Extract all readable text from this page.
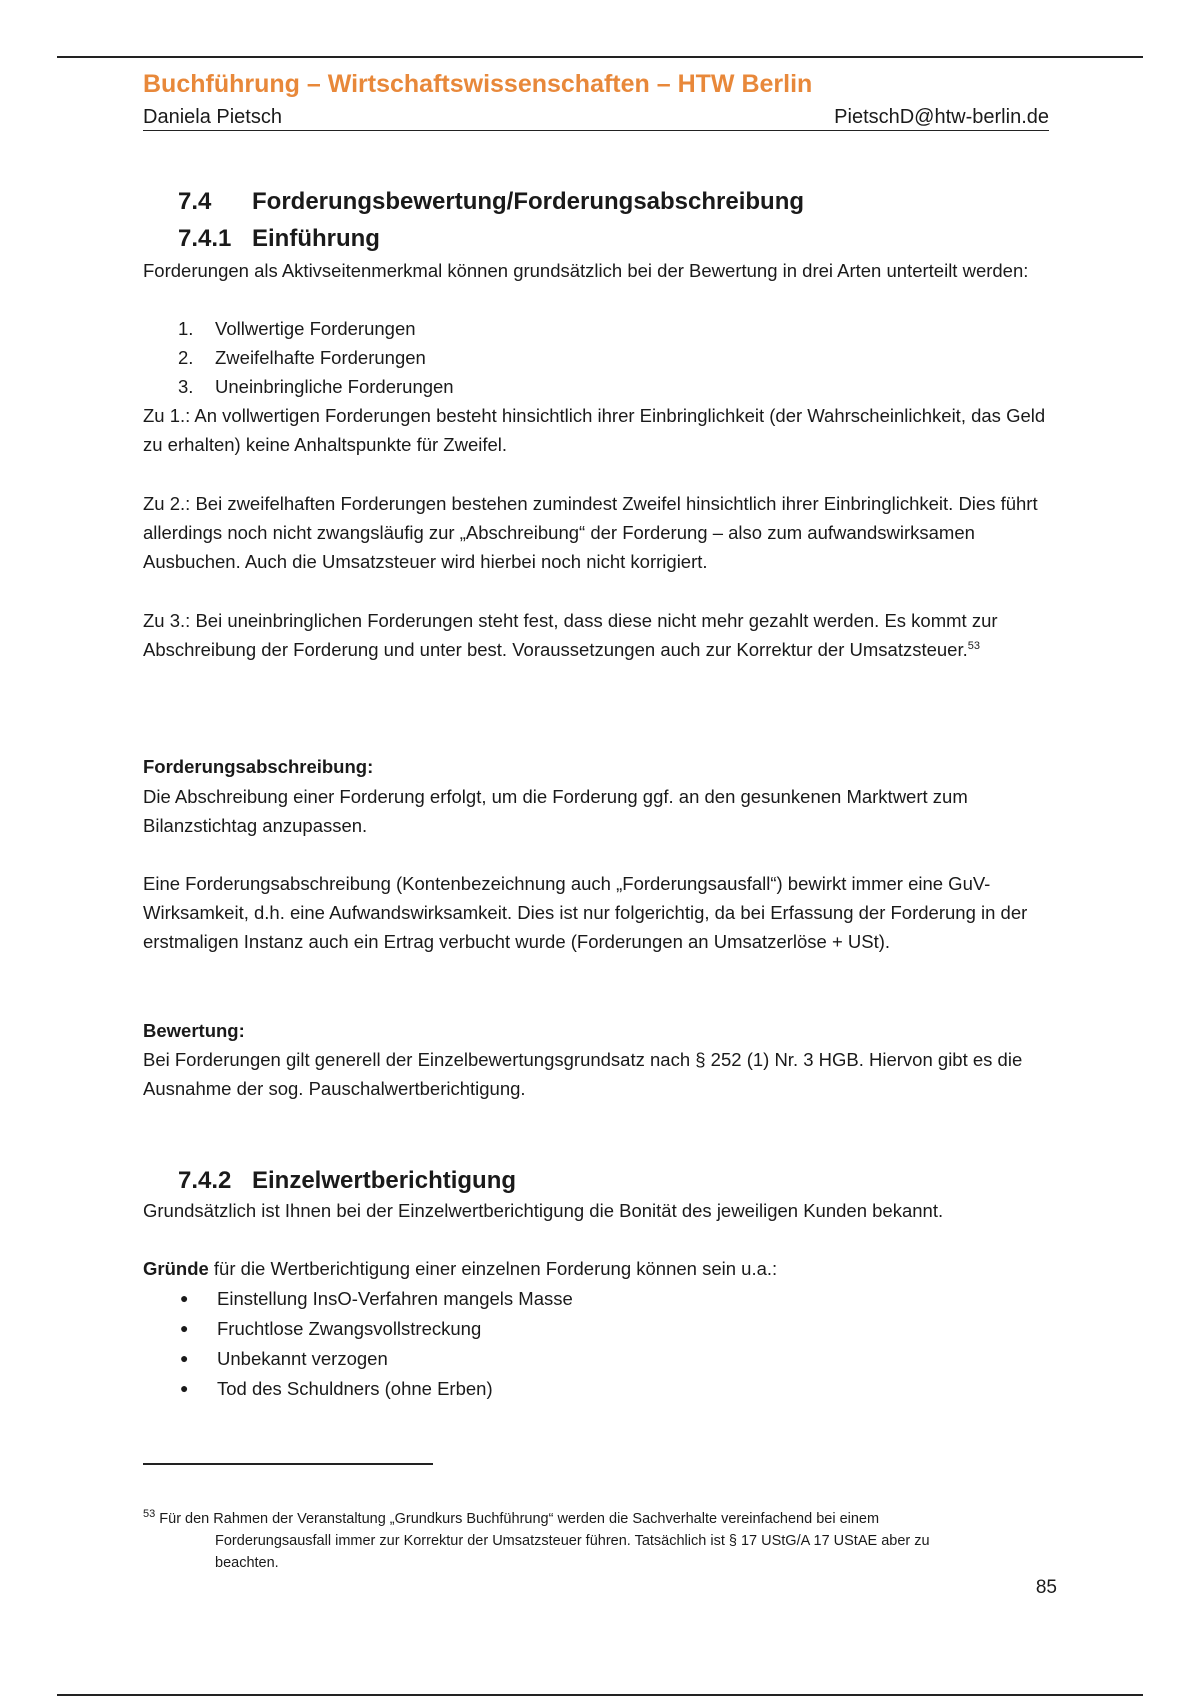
Buchführung – Wirtschaftswissenschaften – HTW Berlin
Daniela Pietsch	PietschD@htw-berlin.de
7.4 Forderungsbewertung/Forderungsabschreibung
7.4.1 Einführung
Forderungen als Aktivseitenmerkmal können grundsätzlich bei der Bewertung in drei Arten unterteilt werden:
1. Vollwertige Forderungen
2. Zweifelhafte Forderungen
3. Uneinbringliche Forderungen
Zu 1.: An vollwertigen Forderungen besteht hinsichtlich ihrer Einbringlichkeit (der Wahrscheinlichkeit, das Geld zu erhalten) keine Anhaltspunkte für Zweifel.
Zu 2.: Bei zweifelhaften Forderungen bestehen zumindest Zweifel hinsichtlich ihrer Einbringlichkeit. Dies führt allerdings noch nicht zwangsläufig zur „Abschreibung“ der Forderung – also zum aufwandswirksamen Ausbuchen. Auch die Umsatzsteuer wird hierbei noch nicht korrigiert.
Zu 3.: Bei uneinbringlichen Forderungen steht fest, dass diese nicht mehr gezahlt werden. Es kommt zur Abschreibung der Forderung und unter best. Voraussetzungen auch zur Korrektur der Umsatzsteuer.$^{53}$
Forderungsabschreibung:
Die Abschreibung einer Forderung erfolgt, um die Forderung ggf. an den gesunkenen Marktwert zum Bilanzstichtag anzupassen.
Eine Forderungsabschreibung (Kontenbezeichnung auch „Forderungsausfall“) bewirkt immer eine GuV-Wirksamkeit, d.h. eine Aufwandswirksamkeit. Dies ist nur folgerichtig, da bei Erfassung der Forderung in der erstmaligen Instanz auch ein Ertrag verbucht wurde (Forderungen an Umsatzerlöse + USt).
Bewertung:
Bei Forderungen gilt generell der Einzelbewertungsgrundsatz nach § 252 (1) Nr. 3 HGB. Hiervon gibt es die Ausnahme der sog. Pauschalwertberichtigung.
7.4.2 Einzelwertberichtigung
Grundsätzlich ist Ihnen bei der Einzelwertberichtigung die Bonität des jeweiligen Kunden bekannt.
Gründe für die Wertberichtigung einer einzelnen Forderung können sein u.a.:
● Einstellung InsO-Verfahren mangels Masse
● Fruchtlose Zwangsvollstreckung
● Unbekannt verzogen
● Tod des Schuldners (ohne Erben)
$^{53}$ Für den Rahmen der Veranstaltung „Grundkurs Buchführung“ werden die Sachverhalte vereinfachend bei einem
Forderungsausfall immer zur Korrektur der Umsatzsteuer führen. Tatsächlich ist § 17 UStG/A 17 UStAE aber zu
beachten.
85
